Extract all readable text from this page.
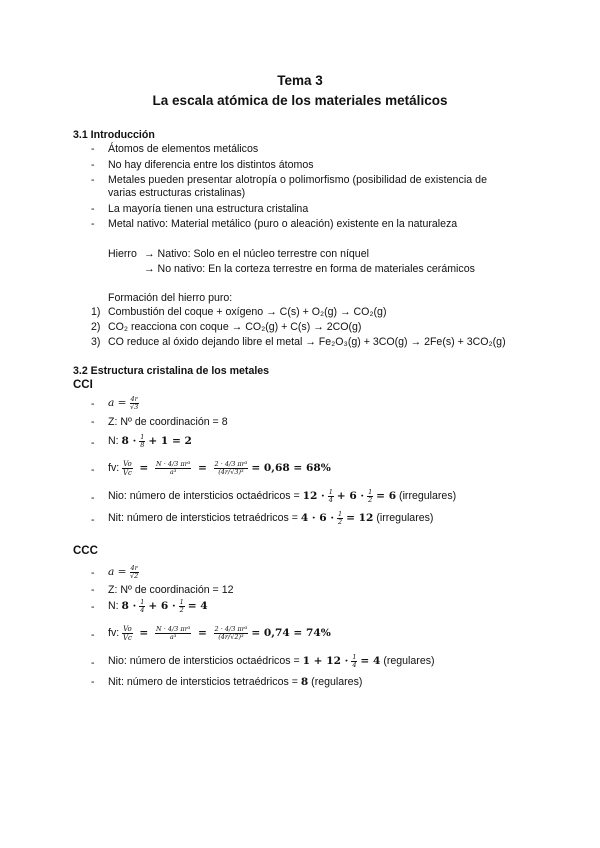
Tema 3
La escala atómica de los materiales metálicos
3.1 Introducción
- Átomos de elementos metálicos
- No hay diferencia entre los distintos átomos
- Metales pueden presentar alotropía o polimorfismo (posibilidad de existencia de
varias estructuras cristalinas)
- La mayoría tienen una estructura cristalina
- Metal nativo: Material metálico (puro o aleación) existente en la naturaleza
Hierro → Nativo: Solo en el núcleo terrestre con níquel
→ No nativo: En la corteza terrestre en forma de materiales cerámicos
Formación del hierro puro:
1) Combustión del coque + oxígeno → C(s) + O₂(g) → CO₂(g)
2) CO₂ reacciona con coque → CO₂(g) + C(s) → 2CO(g)
3) CO reduce al óxido dejando libre el metal → Fe₂O₃(g) + 3CO(g) → 2Fe(s) + 3CO₂(g)
3.2 Estructura cristalina de los metales
CCI
- $a = \frac{4r}{√3}$
- Z: Nº de coordinación = 8
- N: $8 \cdot \frac{1}{8} + 1 = 2$
- fv: $\frac{Vo}{Vc} = \frac{\text{N · 4/3 πr³}}{\text{a³}} = \frac{\text{2 · 4/3 πr³}}{\text{(4r/√3)³}} = 0,68 = 68\%$
- Nio: número de intersticios octaédricos = $12 \cdot \frac{1}{4} + 6 \cdot \frac{1}{2} = 6$ (irregulares)
- Nit: número de intersticios tetraédricos = $4 \cdot 6 \cdot \frac{1}{2} = 12$ (irregulares)
CCC
- $a = \frac{4r}{√2}$
- Z: Nº de coordinación = 12
- N: $8 \cdot \frac{1}{4} + 6 \cdot \frac{1}{2} = 4$
- fv: $\frac{Vo}{Vc} = \frac{\text{N · 4/3 πr³}}{\text{a³}} = \frac{\text{2 · 4/3 πr³}}{\text{(4r/√2)³}} = 0,74 = 74\%$
- Nio: número de intersticios octaédricos = $1 + 12 \cdot \frac{1}{4} = 4$ (regulares)
- Nit: número de intersticios tetraédricos = 8 (regulares)
